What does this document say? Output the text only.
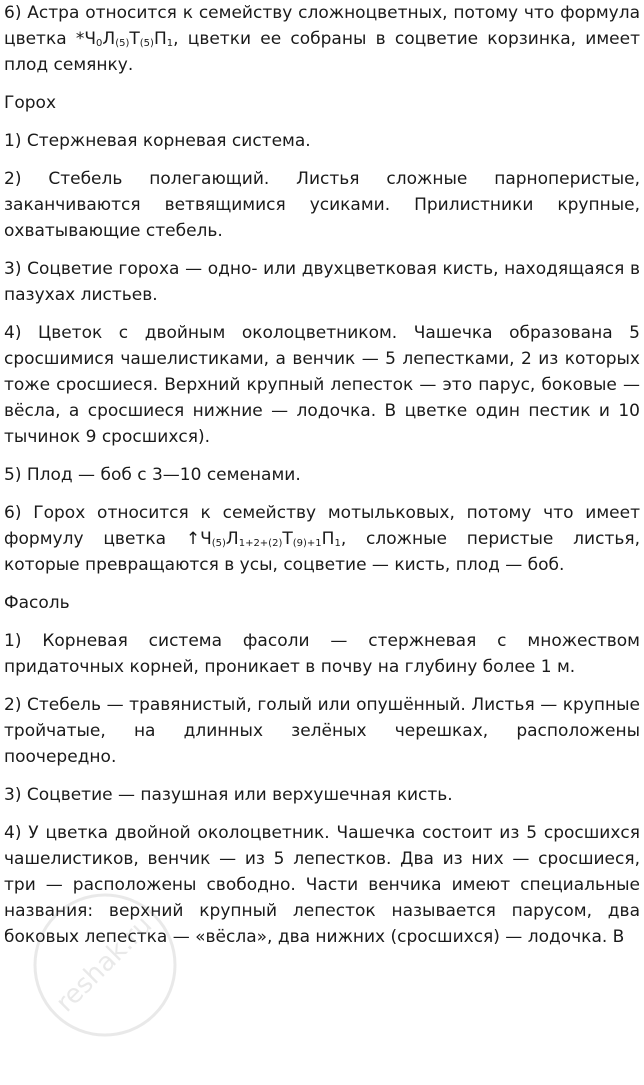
6) Астра относится к семейству сложноцветных, потому что формула цветка $*Ч_0Л_{(5)}Т_{(5)}П_1$, цветки ее собраны в соцветие корзинка, имеет плод семянку.

Горох

1) Стержневая корневая система.

2) Стебель полегающий. Листья сложные парноперистые, заканчиваются ветвящимися усиками. Прилистники крупные, охватывающие стебель.

3) Соцветие гороха — одно- или двухцветковая кисть, находящаяся в пазухах листьев.

4) Цветок с двойным околоцветником. Чашечка образована 5 сросшимися чашелистиками, а венчик — 5 лепестками, 2 из которых тоже сросшиеся. Верхний крупный лепесток — это парус, боковые — вёсла, а сросшиеся нижние — лодочка. В цветке один пестик и 10 тычинок 9 сросшихся).

5) Плод — боб с 3—10 семенами.

6) Горох относится к семейству мотыльковых, потому что имеет формулу цветка $↑Ч_{(5)}Л_{1+2+(2)}Т_{(9)+1}П_1$, сложные перистые листья, которые превращаются в усы, соцветие — кисть, плод — боб.

Фасоль

1) Корневая система фасоли — стержневая с множеством придаточных корней, проникает в почву на глубину более 1 м.

2) Стебель — травянистый, голый или опушённый. Листья — крупные тройчатые, на длинных зелёных черешках, расположены поочередно.

3) Соцветие — пазушная или верхушечная кисть.

4) У цветка двойной околоцветник. Чашечка состоит из 5 сросшихся чашелистиков, венчик — из 5 лепестков. Два из них — сросшиеся, три — расположены свободно. Части венчика имеют специальные названия: верхний крупный лепесток называется парусом, два боковых лепестка — «вёсла», два нижних (сросшихся) — лодочка. В

reshak.ru
